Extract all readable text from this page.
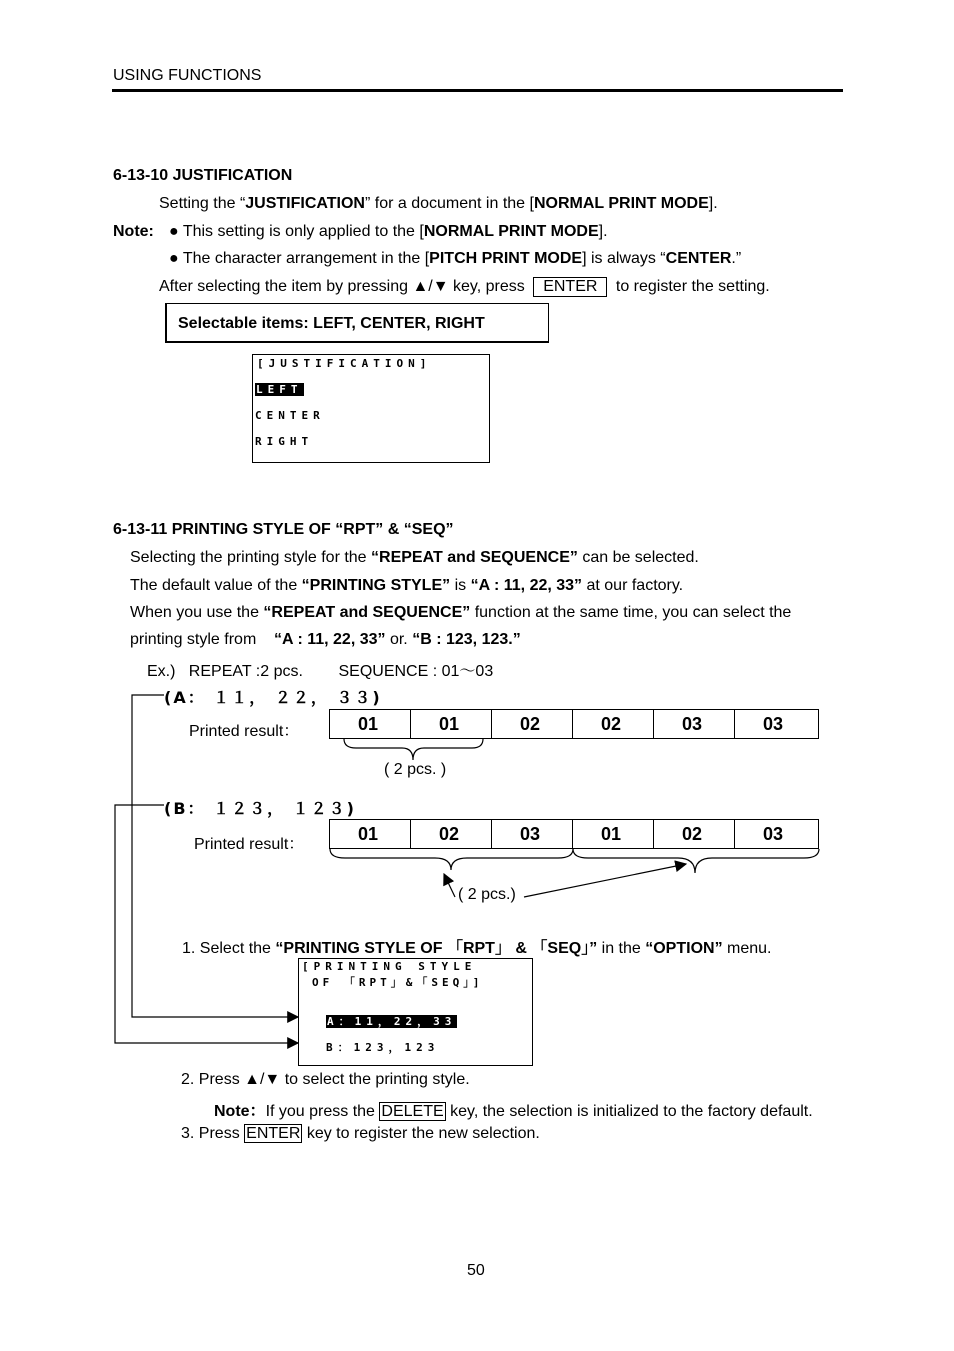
USING FUNCTIONS
6-13-10 JUSTIFICATION
Setting the “JUSTIFICATION” for a document in the [NORMAL PRINT MODE].
Note: ● This setting is only applied to the [NORMAL PRINT MODE].
● The character arrangement in the [PITCH PRINT MODE] is always “CENTER.”
After selecting the item by pressing ▲/▼ key, press ENTER to register the setting.
Selectable items: LEFT, CENTER, RIGHT
[JUSTIFICATION]
LEFT
CENTER
RIGHT
6-13-11 PRINTING STYLE OF “RPT” & “SEQ”
Selecting the printing style for the “REPEAT and SEQUENCE” can be selected.
The default value of the “PRINTING STYLE” is “A : 11, 22, 33” at our factory.
When you use the “REPEAT and SEQUENCE” function at the same time, you can select the
printing style from    “A : 11, 22, 33” or. “B : 123, 123.”
Ex.) REPEAT :2 pcs. SEQUENCE : 01～03
(A： １１， ２２， ３３)
Printed result：	01	01	02	02	03	03
( 2 pcs. )
(B： １２３， １２３)
Printed result：
01	02	03	01	02	03
( 2 pcs.)
1. Select the “PRINTING STYLE OF 「RPT」 & 「SEQ」” in the “OPTION” menu.
[PRINTING STYLE
OF 「RPT」&「SEQ」]
A：11，22，33
B：123，123
2. Press ▲/▼ to select the printing style.
Note：If you press the DELETE key, the selection is initialized to the factory default.
3. Press ENTER key to register the new selection.
50
